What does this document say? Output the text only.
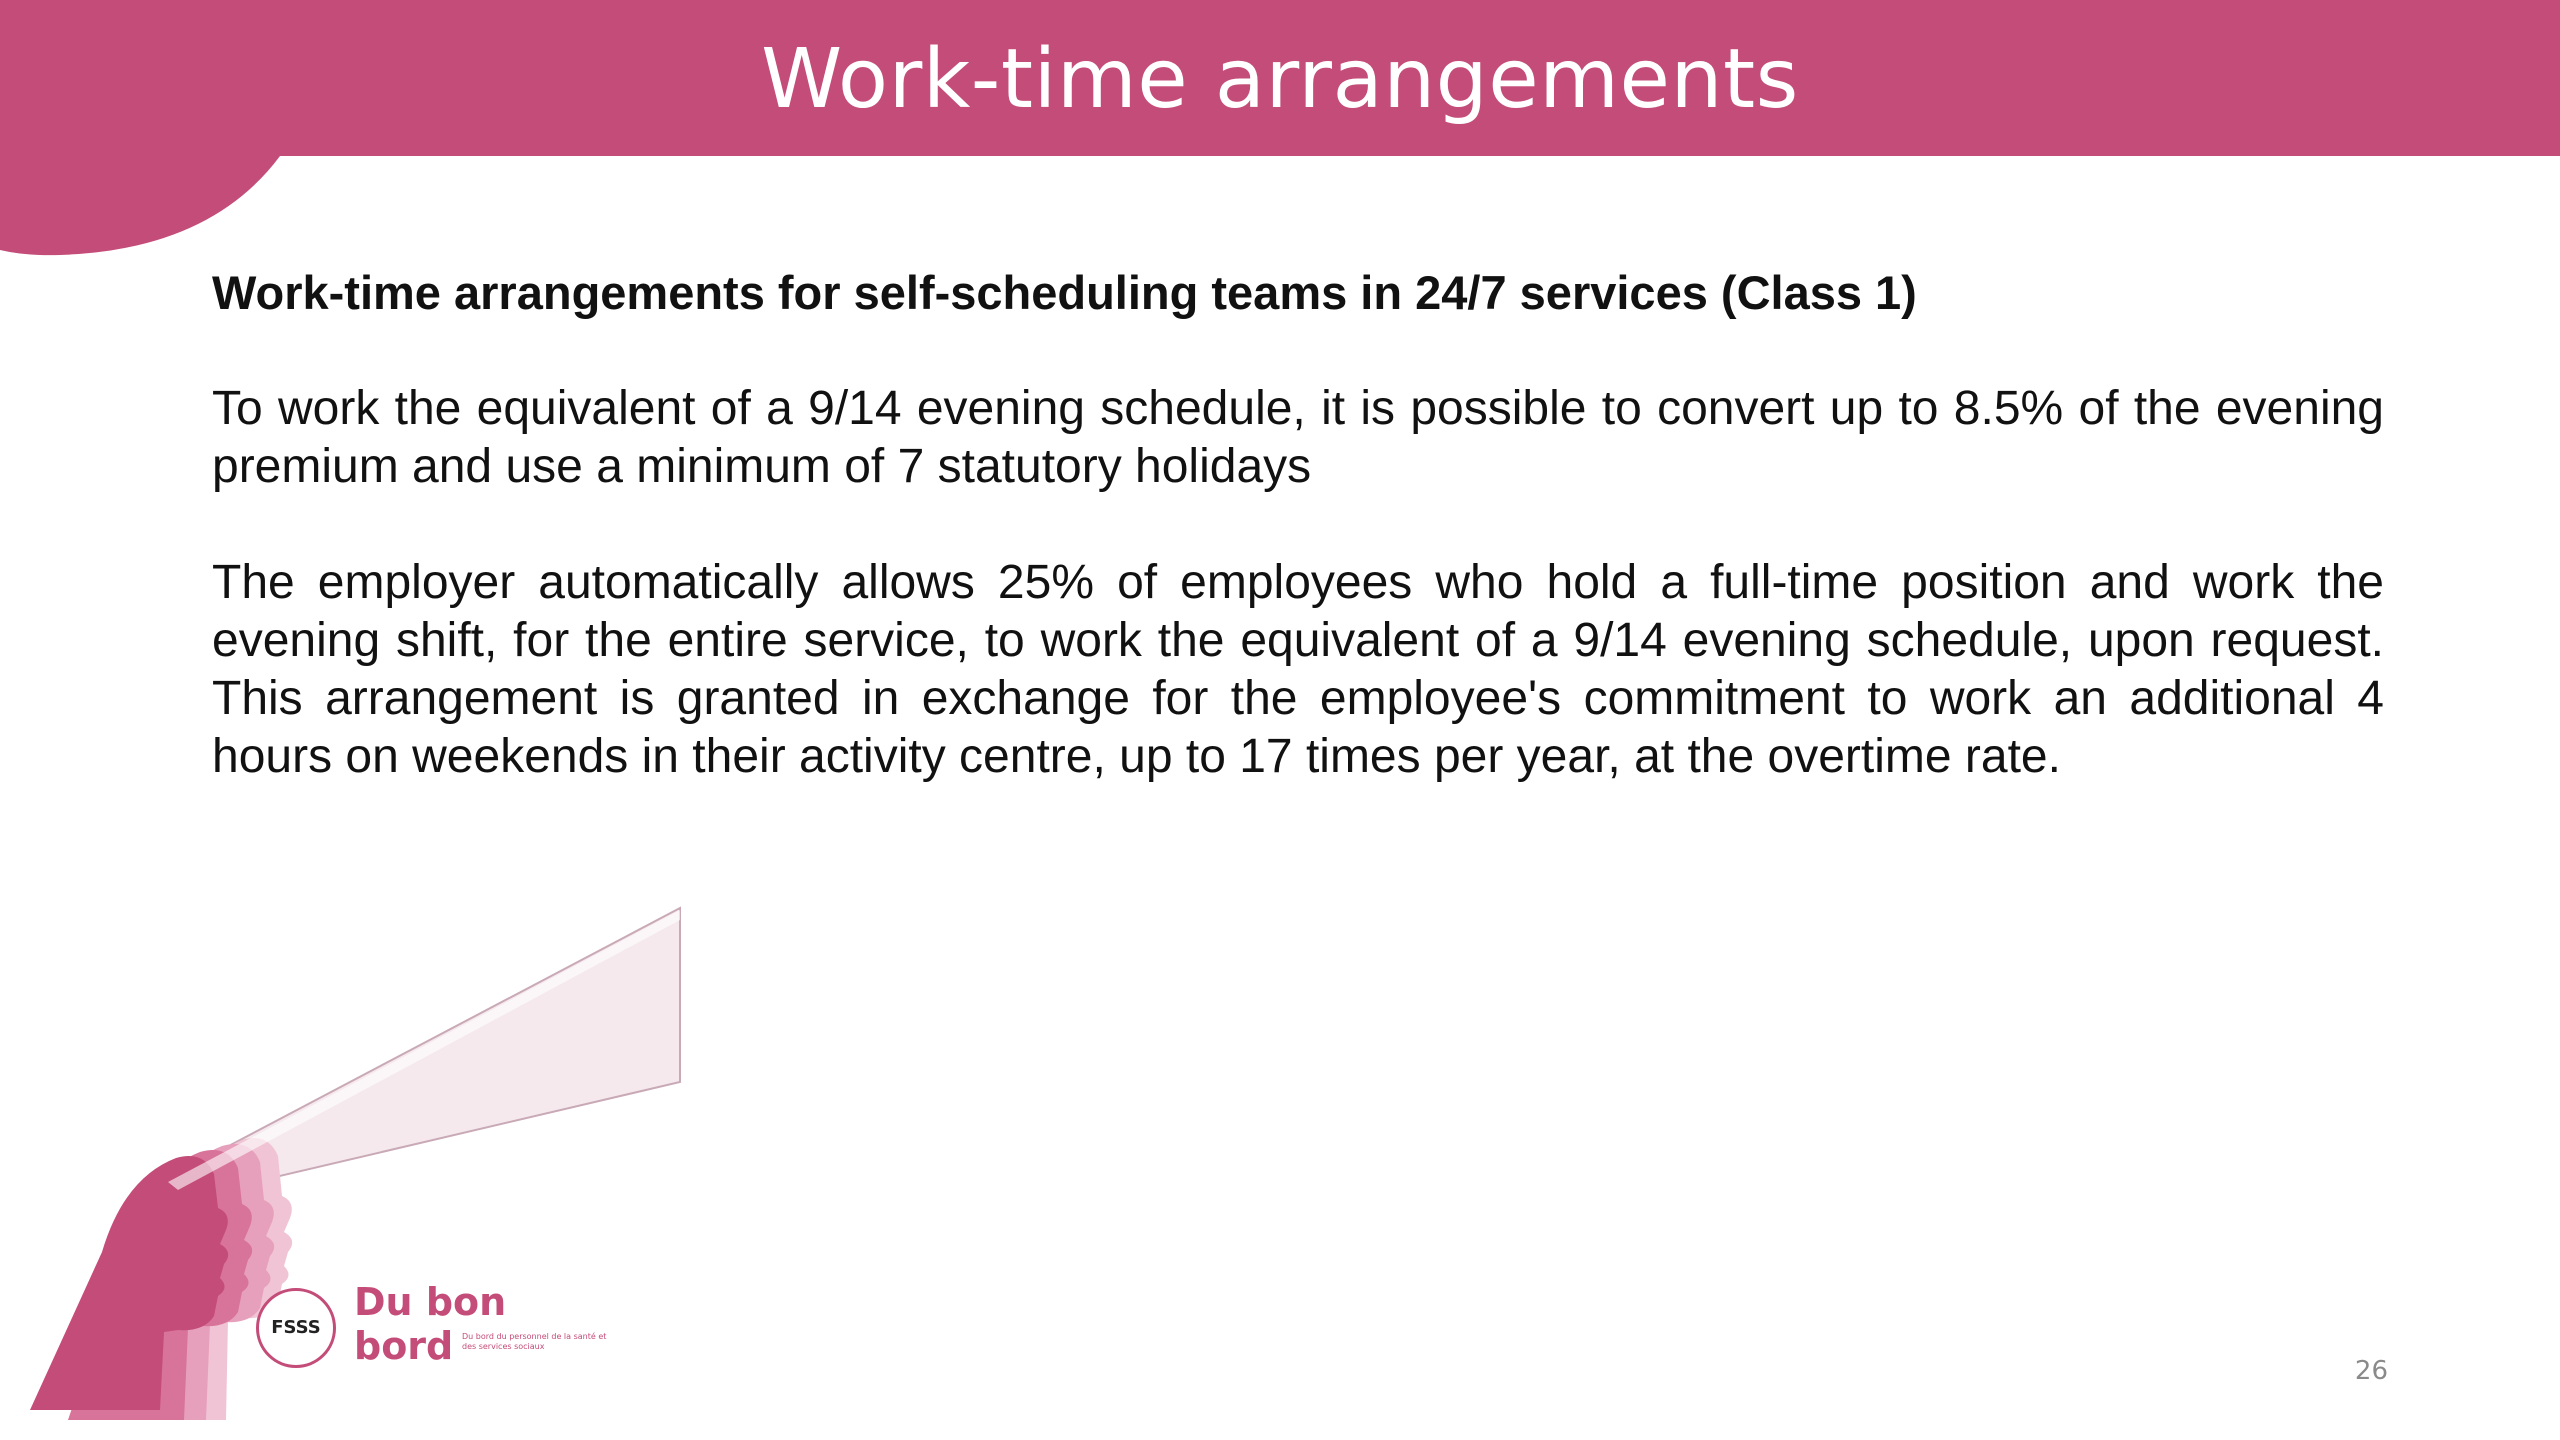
Work-time arrangements
Work-time arrangements for self-scheduling teams in 24/7 services (Class 1)
To work the equivalent of a 9/14 evening schedule, it is possible to convert up to 8.5% of the evening premium and use a minimum of 7 statutory holidays
The employer automatically allows 25% of employees who hold a full-time position and work the evening shift, for the entire service, to work the equivalent of a 9/14 evening schedule, upon request. This arrangement is granted in exchange for the employee's commitment to work an additional 4 hours on weekends in their activity centre, up to 17 times per year, at the overtime rate.
FSSS
Du bon
bord Du bord du personnel de la santé et des services sociaux
26
